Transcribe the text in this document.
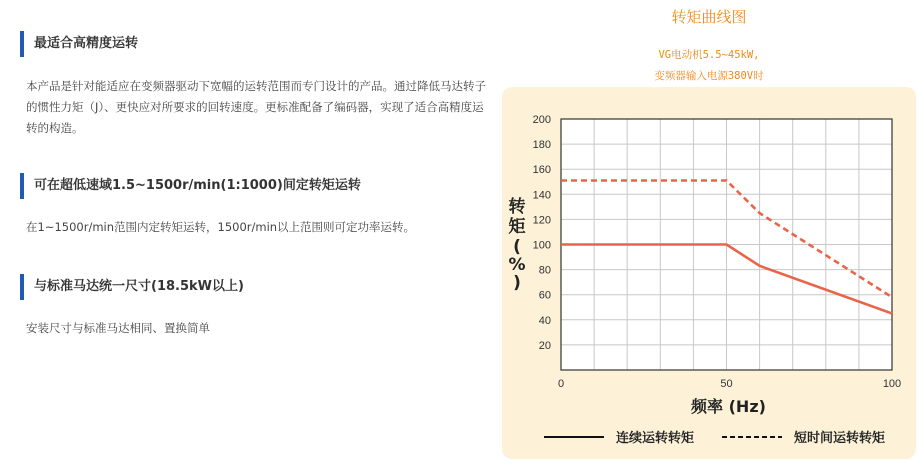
最适合高精度运转
本产品是针对能适应在变频器驱动下宽幅的运转范围而专门设计的产品。通过降低马达转子的惯性力矩（J）、更快应对所要求的回转速度。更标准配备了编码器，实现了适合高精度运转的构造。
可在超低速域1.5~1500r/min(1:1000)间定转矩运转
在1~1500r/min范围内定转矩运转，1500r/min以上范围则可定功率运转。
与标准马达统一尺寸(18.5kW以上)
安装尺寸与标准马达相同、置换简单
转矩曲线图
VG电动机5.5~45kW,
变频器输入电源380V时
20
40
60
80
100
120
140
160
180
200
0	50	100
频率 (Hz)
转
矩
(
%
)
连续运转转矩	短时间运转转矩
